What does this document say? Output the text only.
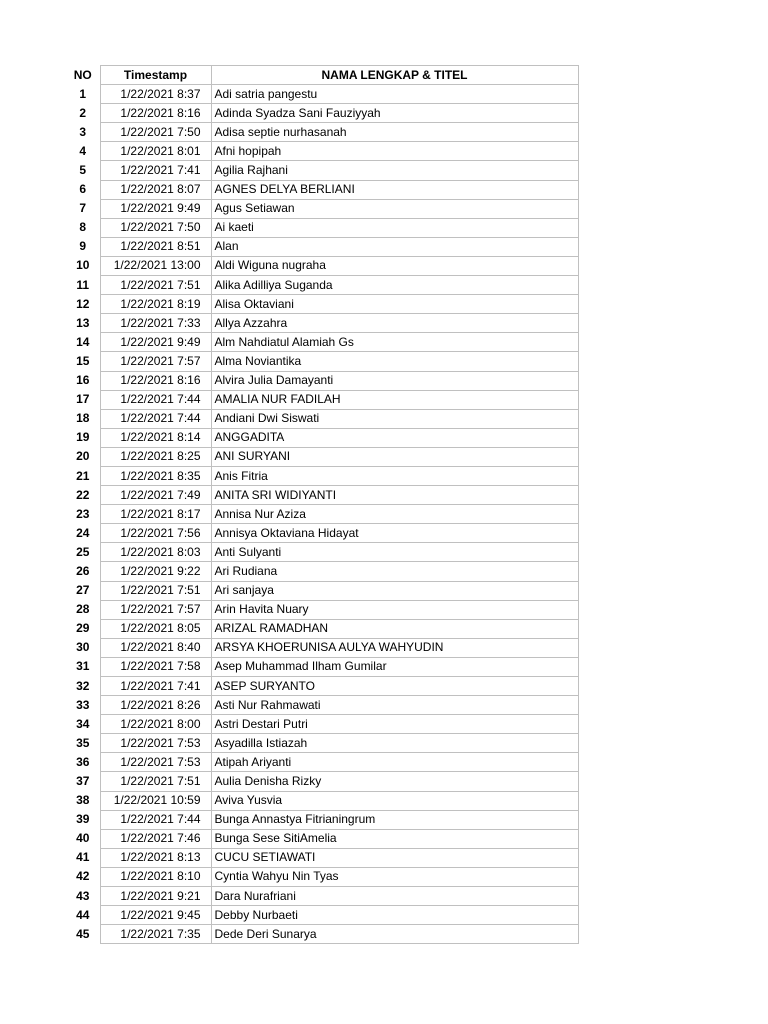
NO	Timestamp	NAMA LENGKAP & TITEL
1	1/22/2021 8:37	Adi satria pangestu
2	1/22/2021 8:16	Adinda Syadza Sani Fauziyyah
3	1/22/2021 7:50	Adisa septie nurhasanah
4	1/22/2021 8:01	Afni hopipah
5	1/22/2021 7:41	Agilia Rajhani
6	1/22/2021 8:07	AGNES DELYA BERLIANI
7	1/22/2021 9:49	Agus Setiawan
8	1/22/2021 7:50	Ai kaeti
9	1/22/2021 8:51	Alan
10	1/22/2021 13:00	Aldi Wiguna nugraha
11	1/22/2021 7:51	Alika Adilliya Suganda
12	1/22/2021 8:19	Alisa Oktaviani
13	1/22/2021 7:33	Allya Azzahra
14	1/22/2021 9:49	Alm Nahdiatul Alamiah Gs
15	1/22/2021 7:57	Alma Noviantika
16	1/22/2021 8:16	Alvira Julia Damayanti
17	1/22/2021 7:44	AMALIA NUR FADILAH
18	1/22/2021 7:44	Andiani Dwi Siswati
19	1/22/2021 8:14	ANGGADITA
20	1/22/2021 8:25	ANI SURYANI
21	1/22/2021 8:35	Anis Fitria
22	1/22/2021 7:49	ANITA SRI WIDIYANTI
23	1/22/2021 8:17	Annisa Nur Aziza
24	1/22/2021 7:56	Annisya Oktaviana Hidayat
25	1/22/2021 8:03	Anti Sulyanti
26	1/22/2021 9:22	Ari Rudiana
27	1/22/2021 7:51	Ari sanjaya
28	1/22/2021 7:57	Arin Havita Nuary
29	1/22/2021 8:05	ARIZAL RAMADHAN
30	1/22/2021 8:40	ARSYA KHOERUNISA AULYA WAHYUDIN
31	1/22/2021 7:58	Asep Muhammad Ilham Gumilar
32	1/22/2021 7:41	ASEP SURYANTO
33	1/22/2021 8:26	Asti Nur Rahmawati
34	1/22/2021 8:00	Astri Destari Putri
35	1/22/2021 7:53	Asyadilla Istiazah
36	1/22/2021 7:53	Atipah Ariyanti
37	1/22/2021 7:51	Aulia Denisha Rizky
38	1/22/2021 10:59	Aviva Yusvia
39	1/22/2021 7:44	Bunga Annastya Fitrianingrum
40	1/22/2021 7:46	Bunga Sese SitiAmelia
41	1/22/2021 8:13	CUCU SETIAWATI
42	1/22/2021 8:10	Cyntia Wahyu Nin Tyas
43	1/22/2021 9:21	Dara Nurafriani
44	1/22/2021 9:45	Debby Nurbaeti
45	1/22/2021 7:35	Dede Deri Sunarya
